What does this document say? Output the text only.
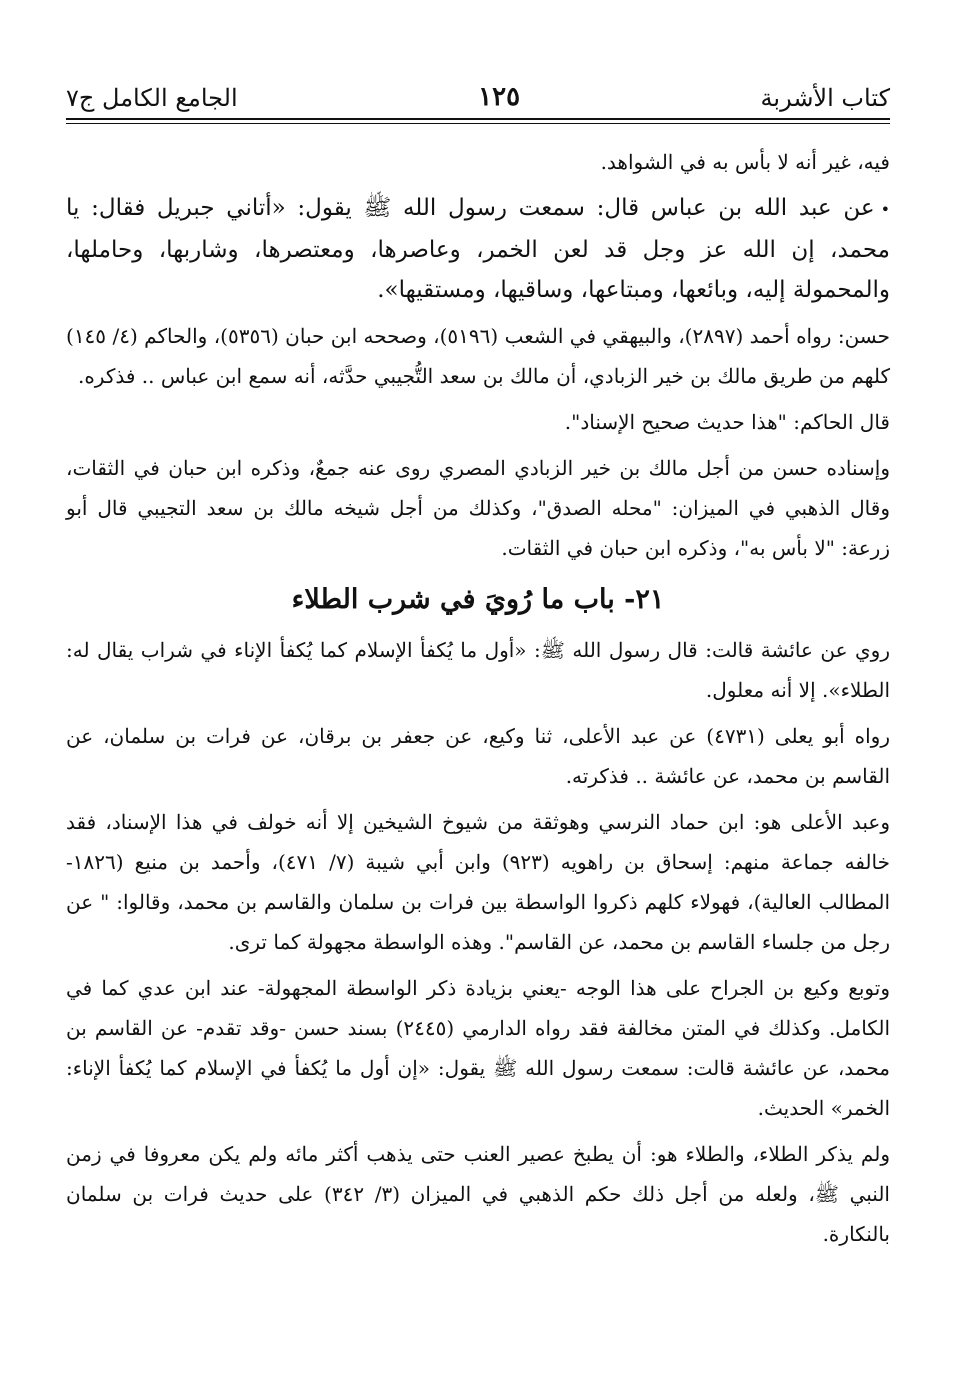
كتاب الأشربة
١٢٥
الجامع الكامل ج٧

فيه، غير أنه لا بأس به في الشواهد.

•عن عبد الله بن عباس قال: سمعت رسول الله ﷺ يقول: «أتاني جبريل فقال: يا محمد، إن الله عز وجل قد لعن الخمر، وعاصرها، ومعتصرها، وشاربها، وحاملها، والمحمولة إليه، وبائعها، ومبتاعها، وساقيها، ومستقيها».

حسن: رواه أحمد (٢٨٩٧)، والبيهقي في الشعب (٥١٩٦)، وصححه ابن حبان (٥٣٥٦)، والحاكم (٤/ ١٤٥) كلهم من طريق مالك بن خير الزبادي، أن مالك بن سعد التُّجيبي حدَّثه، أنه سمع ابن عباس .. فذكره.

قال الحاكم: "هذا حديث صحيح الإسناد".

وإسناده حسن من أجل مالك بن خير الزبادي المصري روى عنه جمعٌ، وذكره ابن حبان في الثقات، وقال الذهبي في الميزان: "محله الصدق"، وكذلك من أجل شيخه مالك بن سعد التجيبي قال أبو زرعة: "لا بأس به"، وذكره ابن حبان في الثقات.

٢١- باب ما رُويَ في شرب الطلاء

روي عن عائشة قالت: قال رسول الله ﷺ: «أول ما يُكفأ الإسلام كما يُكفأ الإناء في شراب يقال له: الطلاء». إلا أنه معلول.

رواه أبو يعلى (٤٧٣١) عن عبد الأعلى، ثنا وكيع، عن جعفر بن برقان، عن فرات بن سلمان، عن القاسم بن محمد، عن عائشة .. فذكرته.

وعبد الأعلى هو: ابن حماد النرسي وهوثقة من شيوخ الشيخين إلا أنه خولف في هذا الإسناد، فقد خالفه جماعة منهم: إسحاق بن راهويه (٩٢٣) وابن أبي شيبة (٧/ ٤٧١)، وأحمد بن منيع (١٨٢٦-المطالب العالية)، فهولاء كلهم ذكروا الواسطة بين فرات بن سلمان والقاسم بن محمد، وقالوا: " عن رجل من جلساء القاسم بن محمد، عن القاسم". وهذه الواسطة مجهولة كما ترى.

وتوبع وكيع بن الجراح على هذا الوجه -يعني بزيادة ذكر الواسطة المجهولة- عند ابن عدي كما في الكامل. وكذلك في المتن مخالفة فقد رواه الدارمي (٢٤٤٥) بسند حسن -وقد تقدم- عن القاسم بن محمد، عن عائشة قالت: سمعت رسول الله ﷺ يقول: «إن أول ما يُكفأ في الإسلام كما يُكفأ الإناء: الخمر» الحديث.

ولم يذكر الطلاء، والطلاء هو: أن يطبخ عصير العنب حتى يذهب أكثر مائه ولم يكن معروفا في زمن النبي ﷺ، ولعله من أجل ذلك حكم الذهبي في الميزان (٣/ ٣٤٢) على حديث فرات بن سلمان بالنكارة.
